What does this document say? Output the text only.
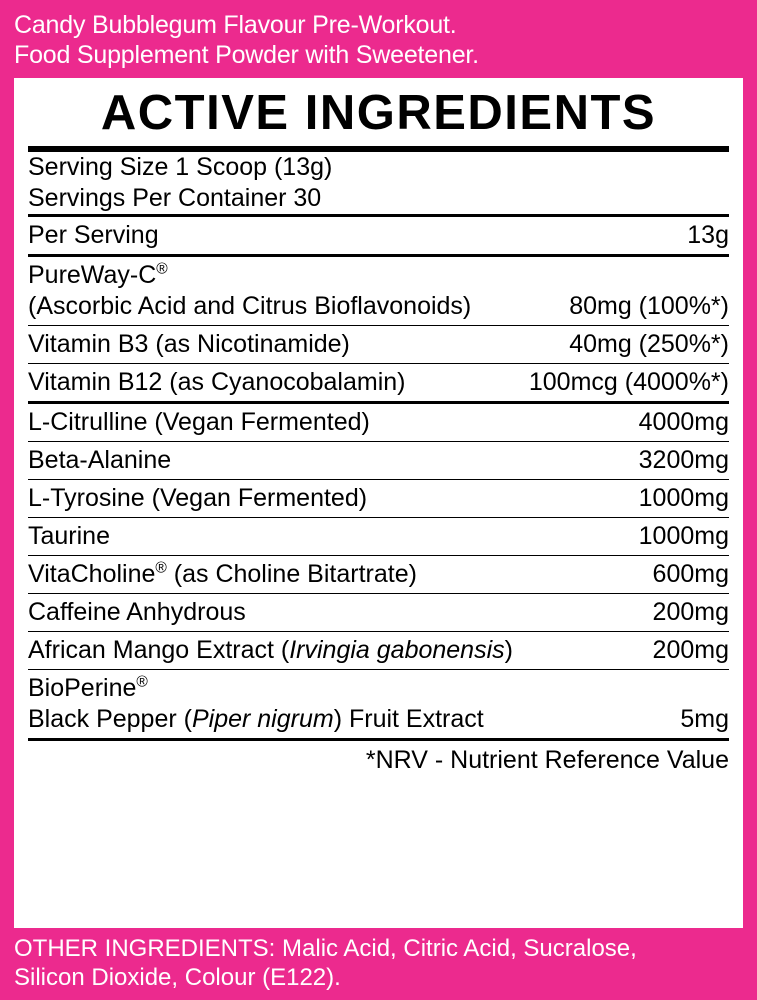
Candy Bubblegum Flavour Pre-Workout.
Food Supplement Powder with Sweetener.
ACTIVE INGREDIENTS
Serving Size 1 Scoop (13g)
Servings Per Container 30
Per Serving	13g
PureWay-C®
(Ascorbic Acid and Citrus Bioflavonoids)	80mg (100%*)
Vitamin B3 (as Nicotinamide)	40mg (250%*)
Vitamin B12 (as Cyanocobalamin)	100mcg (4000%*)
L-Citrulline (Vegan Fermented)	4000mg
Beta-Alanine	3200mg
L-Tyrosine (Vegan Fermented)	1000mg
Taurine	1000mg
VitaCholine® (as Choline Bitartrate)	600mg
Caffeine Anhydrous	200mg
African Mango Extract (Irvingia gabonensis)	200mg
BioPerine®
Black Pepper (Piper nigrum) Fruit Extract	5mg
*NRV - Nutrient Reference Value
OTHER INGREDIENTS: Malic Acid, Citric Acid, Sucralose,
Silicon Dioxide, Colour (E122).
